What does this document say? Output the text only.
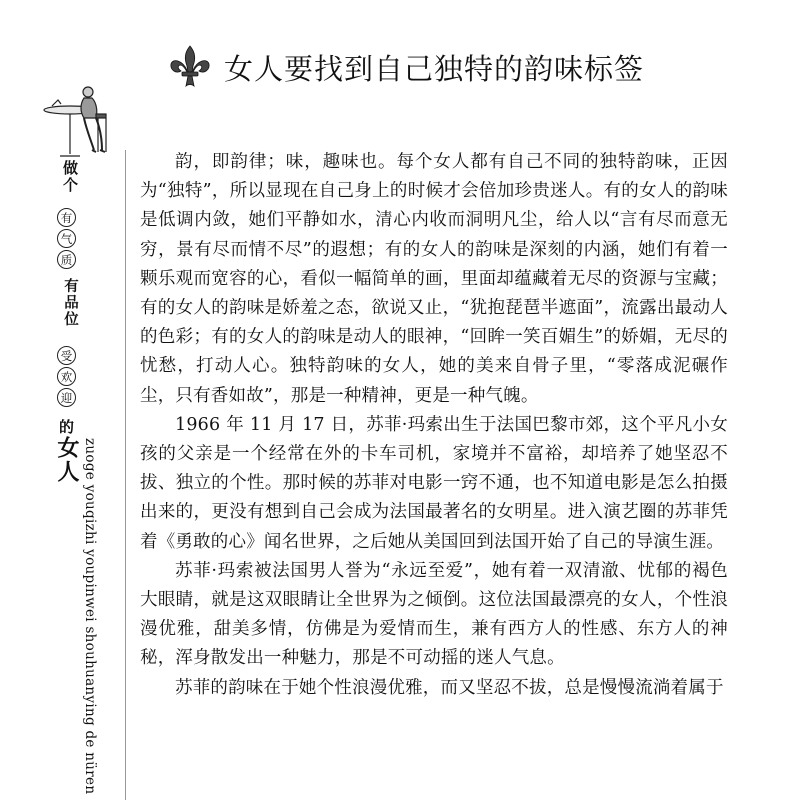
女人要找到自己独特的韵味标签
做个
有
气
质
有品位
受
欢
迎
的
女人 zuoge youqizhi youpinwei shouhuanying de nüren

韵，即韵律；味，趣味也。每个女人都有自己不同的独特韵味，正因为“独特”，所以显现在自己身上的时候才会倍加珍贵迷人。有的女人的韵味是低调内敛，她们平静如水，清心内收而洞明凡尘，给人以“言有尽而意无穷，景有尽而情不尽”的遐想；有的女人的韵味是深刻的内涵，她们有着一颗乐观而宽容的心，看似一幅简单的画，里面却蕴藏着无尽的资源与宝藏；有的女人的韵味是娇羞之态，欲说又止，“犹抱琵琶半遮面”，流露出最动人的色彩；有的女人的韵味是动人的眼神，“回眸一笑百媚生”的娇媚，无尽的忧愁，打动人心。独特韵味的女人，她的美来自骨子里，“零落成泥碾作尘，只有香如故”，那是一种精神，更是一种气魄。

1966 年 11 月 17 日，苏菲·玛索出生于法国巴黎市郊，这个平凡小女孩的父亲是一个经常在外的卡车司机，家境并不富裕，却培养了她坚忍不拔、独立的个性。那时候的苏菲对电影一窍不通，也不知道电影是怎么拍摄出来的，更没有想到自己会成为法国最著名的女明星。进入演艺圈的苏菲凭着《勇敢的心》闻名世界，之后她从美国回到法国开始了自己的导演生涯。

苏菲·玛索被法国男人誉为“永远至爱”，她有着一双清澈、忧郁的褐色大眼睛，就是这双眼睛让全世界为之倾倒。这位法国最漂亮的女人，个性浪漫优雅，甜美多情，仿佛是为爱情而生，兼有西方人的性感、东方人的神秘，浑身散发出一种魅力，那是不可动摇的迷人气息。

苏菲的韵味在于她个性浪漫优雅，而又坚忍不拔，总是慢慢流淌着属于
